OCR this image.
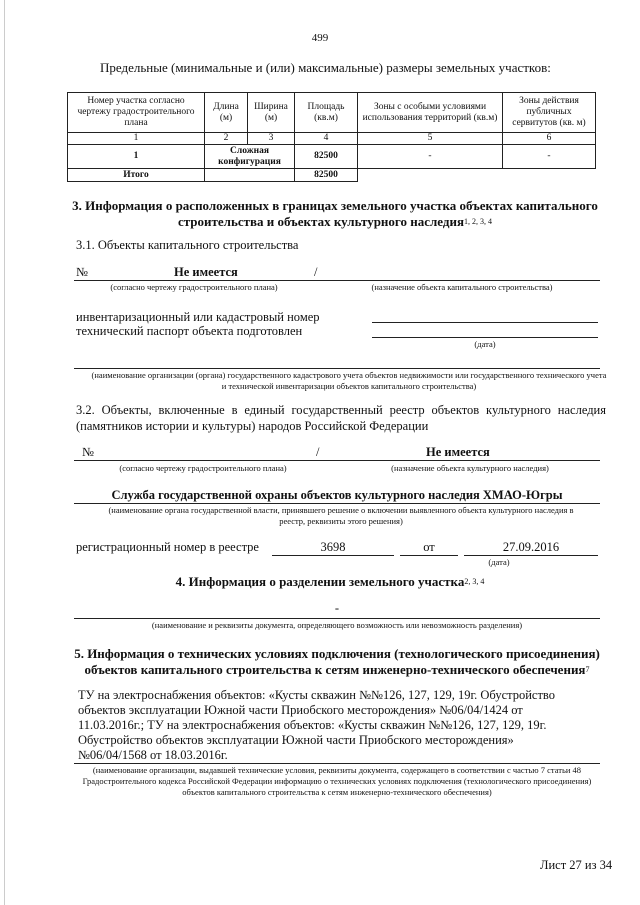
499
Предельные (минимальные и (или) максимальные) размеры земельных участков:
Номер участка согласно чертежу градостроительного плана	Длина (м)	Ширина (м)	Площадь (кв.м)	Зоны с особыми условиями использования территорий (кв.м)	Зоны действия публичных сервитутов (кв. м)
1	2	3	4	5	6
1	Сложная конфигурация		82500	-	-
Итого			82500		
3. Информация о расположенных в границах земельного участка объектах капитального строительства и объектах культурного наследия$^{1, 2, 3, 4}$
3.1. Объекты капитального строительства
№	Не имеется	/
(согласно чертежу градостроительного плана)	(назначение объекта капитального строительства)
инвентаризационный или кадастровый номер
технический паспорт объекта подготовлен
(дата)
(наименование организации (органа) государственного кадастрового учета объектов недвижимости или государственного технического учета и технической инвентаризации объектов капитального строительства)
3.2. Объекты, включенные в единый государственный реестр объектов культурного наследия (памятников истории и культуры) народов Российской Федерации
№	/	Не имеется
(согласно чертежу градостроительного плана)	(назначение объекта культурного наследия)
Служба государственной охраны объектов культурного наследия ХМАО-Югры
(наименование органа государственной власти, принявшего решение о включении выявленного объекта культурного наследия в реестр, реквизиты этого решения)
регистрационный номер в реестре	3698	от	27.09.2016
(дата)
4. Информация о разделении земельного участка$^{2, 3, 4}$
-
(наименование и реквизиты документа, определяющего возможность или невозможность разделения)
5. Информация о технических условиях подключения (технологического присоединения) объектов капитального строительства к сетям инженерно-технического обеспечения$^7$
ТУ на электроснабжения объектов: «Кусты скважин №№126, 127, 129, 19г. Обустройство
объектов эксплуатации Южной части Приобского месторождения» №06/04/1424 от
11.03.2016г.; ТУ на электроснабжения объектов: «Кусты скважин №№126, 127, 129, 19г.
Обустройство объектов эксплуатации Южной части Приобского месторождения»
№06/04/1568 от 18.03.2016г.
(наименование организации, выдавшей технические условия, реквизиты документа, содержащего в соответствии с частью 7 статьи 48 Градостроительного кодекса Российской Федерации информацию о технических условиях подключения (технологического присоединения) объектов капитального строительства к сетям инженерно-технического обеспечения)
Лист 27 из 34
